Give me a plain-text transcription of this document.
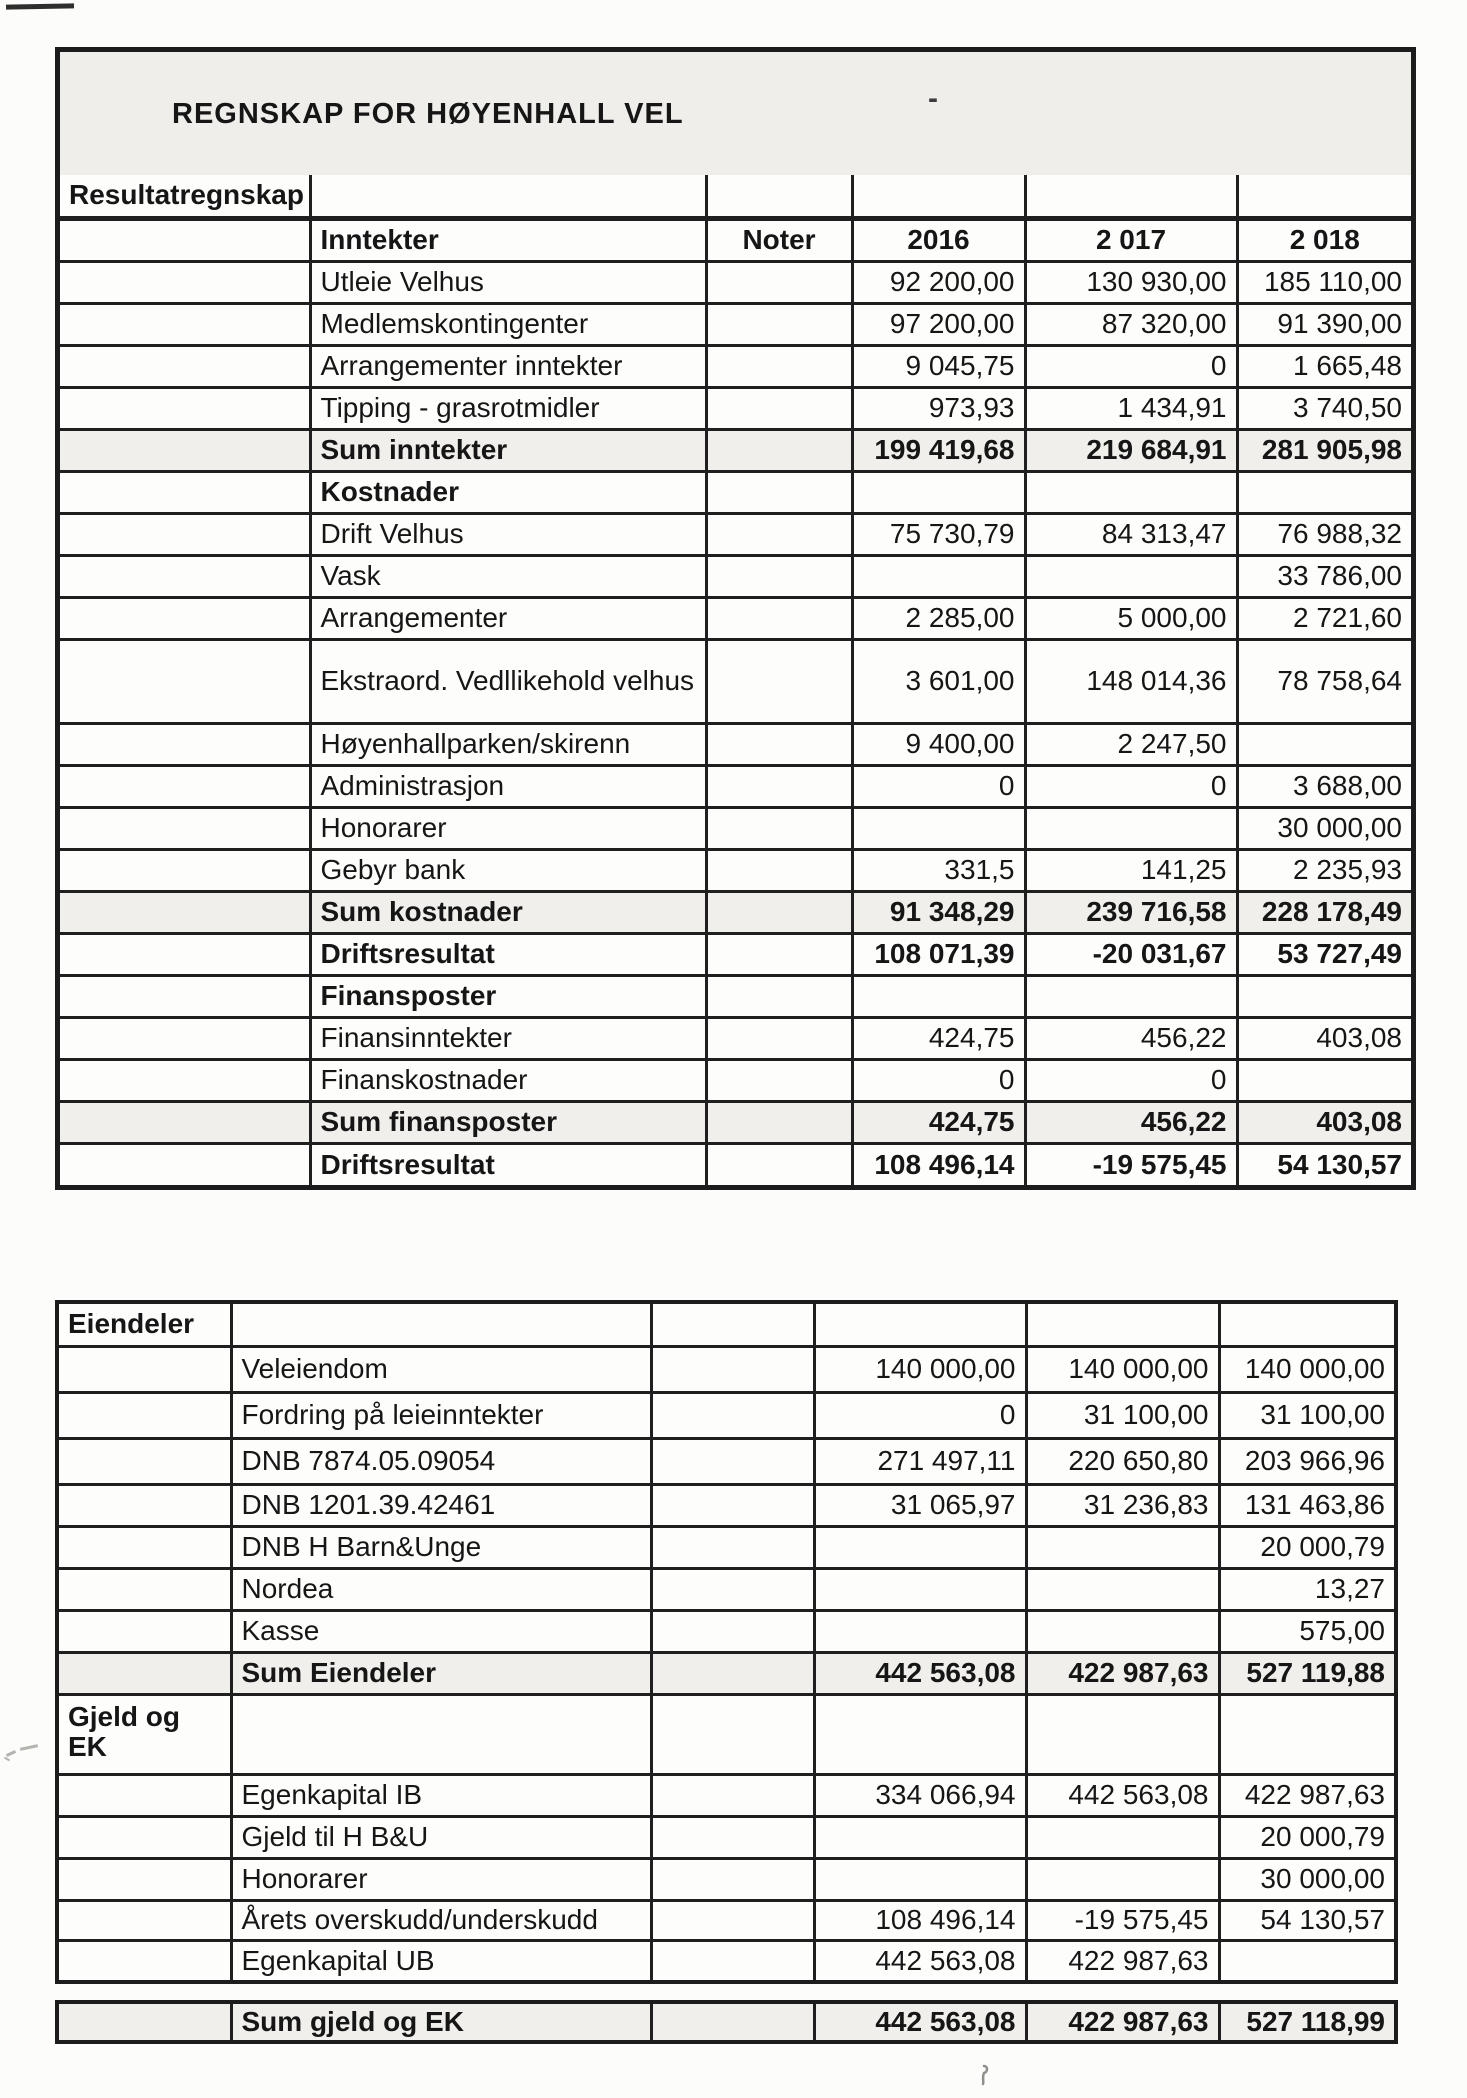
REGNSKAP FOR HØYENHALL VEL	-
Resultatregnskap					
	Inntekter	Noter	2016	2 017	2 018
	Utleie Velhus		92 200,00	130 930,00	185 110,00
	Medlemskontingenter		97 200,00	87 320,00	91 390,00
	Arrangementer inntekter		9 045,75	0	1 665,48
	Tipping - grasrotmidler		973,93	1 434,91	3 740,50
	Sum inntekter		199 419,68	219 684,91	281 905,98
	Kostnader				
	Drift Velhus		75 730,79	84 313,47	76 988,32
	Vask				33 786,00
	Arrangementer		2 285,00	5 000,00	2 721,60
	Ekstraord. Vedllikehold velhus		3 601,00	148 014,36	78 758,64
	Høyenhallparken/skirenn		9 400,00	2 247,50	
	Administrasjon		0	0	3 688,00
	Honorarer				30 000,00
	Gebyr bank		331,5	141,25	2 235,93
	Sum kostnader		91 348,29	239 716,58	228 178,49
	Driftsresultat		108 071,39	-20 031,67	53 727,49
	Finansposter				
	Finansinntekter		424,75	456,22	403,08
	Finanskostnader		0	0	
	Sum finansposter		424,75	456,22	403,08
	Driftsresultat		108 496,14	-19 575,45	54 130,57
Eiendeler					
	Veleiendom		140 000,00	140 000,00	140 000,00
	Fordring på leieinntekter		0	31 100,00	31 100,00
	DNB 7874.05.09054		271 497,11	220 650,80	203 966,96
	DNB 1201.39.42461		31 065,97	31 236,83	131 463,86
	DNB H Barn&Unge				20 000,79
	Nordea				13,27
	Kasse				575,00
	Sum Eiendeler		442 563,08	422 987,63	527 119,88
Gjeld og EK					
	Egenkapital IB		334 066,94	442 563,08	422 987,63
	Gjeld til H B&U				20 000,79
	Honorarer				30 000,00
	Årets overskudd/underskudd		108 496,14	-19 575,45	54 130,57
	Egenkapital UB		442 563,08	422 987,63	
	Sum gjeld og EK		442 563,08	422 987,63	527 118,99
